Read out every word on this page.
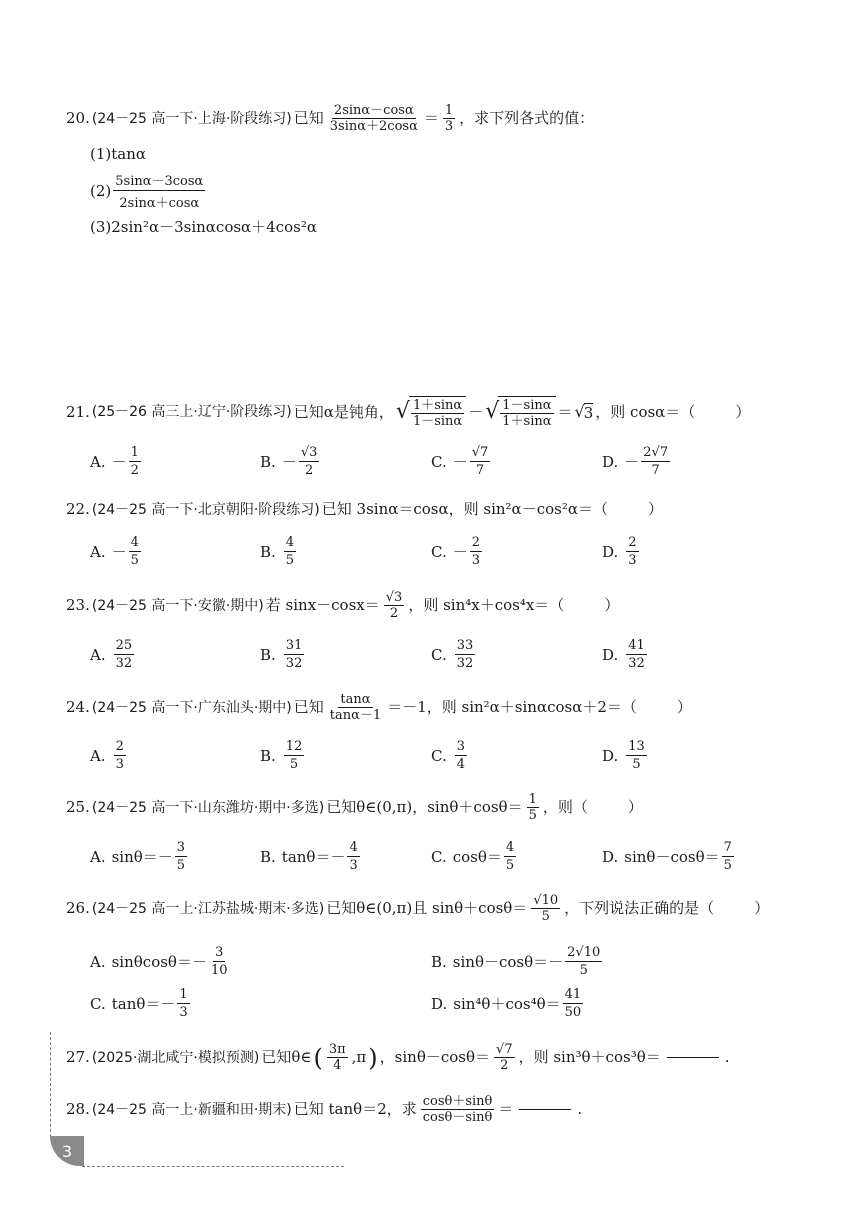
20. (24－25 高一下·上海·阶段练习) 已知 $\frac{2\sin\alpha-\cos\alpha}{3\sin\alpha+2\cos\alpha} = \frac{1}{3}$ ，求下列各式的值：
(1)tanα
$(2) \frac{5\sin\alpha-3\cos\alpha}{2\sin\alpha+\cos\alpha}$
(3)2sin²α－3sinαcosα＋4cos²α
21. (25－26 高三上·辽宁·阶段练习) 已知α是钝角， √ $\frac{1+\sin\alpha}{1-\sin\alpha}$ － √ $\frac{1-\sin\alpha}{1+\sin\alpha}$ ＝ √ 3 ，则 cosα＝（	）
A. － $\frac{1}{2}$	B. － $\frac{√3}{2}$	C. － $\frac{√7}{7}$	D. － $\frac{2√7}{7}$
22. (24－25 高一下·北京朝阳·阶段练习) 已知 3sinα＝cosα，则 sin²α－cos²α＝（	）
A. － $\frac{4}{5}$	B. $\frac{4}{5}$	C. － $\frac{2}{3}$	D. $\frac{2}{3}$
23. (24－25 高一下·安徽·期中) 若 $\sin x-\cos x= \frac{√3}{2}$ ，则 sin⁴x＋cos⁴x＝（	）
A. $\frac{25}{32}$	B. $\frac{31}{32}$	C. $\frac{33}{32}$	D. $\frac{41}{32}$
24. (24－25 高一下·广东汕头·期中) 已知 $\frac{\tan\alpha}{\tan\alpha-1} =-1$，则 sin²α＋sinαcosα＋2＝（	）
A. $\frac{2}{3}$	B. $\frac{12}{5}$	C. $\frac{3}{4}$	D. $\frac{13}{5}$
25. (24－25 高一下·山东潍坊·期中·多选) 已知θ∈(0,π)，$\sin\theta+\cos\theta= \frac{1}{5}$ ，则（	）
A. $\sin\theta=- \frac{3}{5}$	B. $\tan\theta=- \frac{4}{3}$	C. $\cos\theta= \frac{4}{5}$	D. $\sin\theta-\cos\theta= \frac{7}{5}$
26. (24－25 高一上·江苏盐城·期末·多选) 已知θ∈(0,π)且 $\sin\theta+\cos\theta= \frac{√10}{5}$ ，下列说法正确的是（	）
A. $\sin\theta\cos\theta=- \frac{3}{10}$	B. $\sin\theta-\cos\theta=- \frac{2√10}{5}$
C. $\tan\theta=- \frac{1}{3}$	D. $\sin^4\theta+\cos^4\theta= \frac{41}{50}$
27. (2025·湖北咸宁·模拟预测) 已知θ∈ ( $\frac{3\pi}{4} ,\pi$ ) ，$\sin\theta-\cos\theta= \frac{√7}{2}$ ，则 sin³θ＋cos³θ＝	.
28. (24－25 高一上·新疆和田·期末) 已知 tanθ＝2，求 $\frac{\cos\theta+\sin\theta}{\cos\theta-\sin\theta}$ ＝	.
3
